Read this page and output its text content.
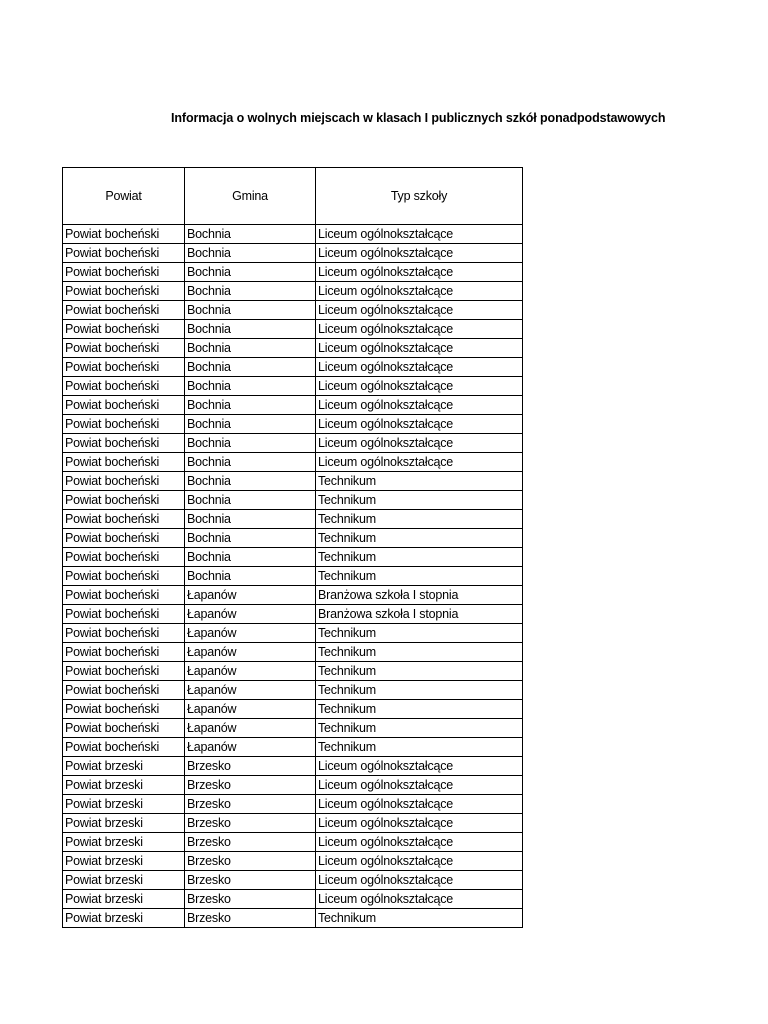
Informacja o wolnych miejscach w klasach I publicznych szkół ponadpodstawowych
Powiat	Gmina	Typ szkoły
Powiat bocheński	Bochnia	Liceum ogólnokształcące
Powiat bocheński	Bochnia	Liceum ogólnokształcące
Powiat bocheński	Bochnia	Liceum ogólnokształcące
Powiat bocheński	Bochnia	Liceum ogólnokształcące
Powiat bocheński	Bochnia	Liceum ogólnokształcące
Powiat bocheński	Bochnia	Liceum ogólnokształcące
Powiat bocheński	Bochnia	Liceum ogólnokształcące
Powiat bocheński	Bochnia	Liceum ogólnokształcące
Powiat bocheński	Bochnia	Liceum ogólnokształcące
Powiat bocheński	Bochnia	Liceum ogólnokształcące
Powiat bocheński	Bochnia	Liceum ogólnokształcące
Powiat bocheński	Bochnia	Liceum ogólnokształcące
Powiat bocheński	Bochnia	Liceum ogólnokształcące
Powiat bocheński	Bochnia	Technikum
Powiat bocheński	Bochnia	Technikum
Powiat bocheński	Bochnia	Technikum
Powiat bocheński	Bochnia	Technikum
Powiat bocheński	Bochnia	Technikum
Powiat bocheński	Bochnia	Technikum
Powiat bocheński	Łapanów	Branżowa szkoła I stopnia
Powiat bocheński	Łapanów	Branżowa szkoła I stopnia
Powiat bocheński	Łapanów	Technikum
Powiat bocheński	Łapanów	Technikum
Powiat bocheński	Łapanów	Technikum
Powiat bocheński	Łapanów	Technikum
Powiat bocheński	Łapanów	Technikum
Powiat bocheński	Łapanów	Technikum
Powiat bocheński	Łapanów	Technikum
Powiat brzeski	Brzesko	Liceum ogólnokształcące
Powiat brzeski	Brzesko	Liceum ogólnokształcące
Powiat brzeski	Brzesko	Liceum ogólnokształcące
Powiat brzeski	Brzesko	Liceum ogólnokształcące
Powiat brzeski	Brzesko	Liceum ogólnokształcące
Powiat brzeski	Brzesko	Liceum ogólnokształcące
Powiat brzeski	Brzesko	Liceum ogólnokształcące
Powiat brzeski	Brzesko	Liceum ogólnokształcące
Powiat brzeski	Brzesko	Technikum
